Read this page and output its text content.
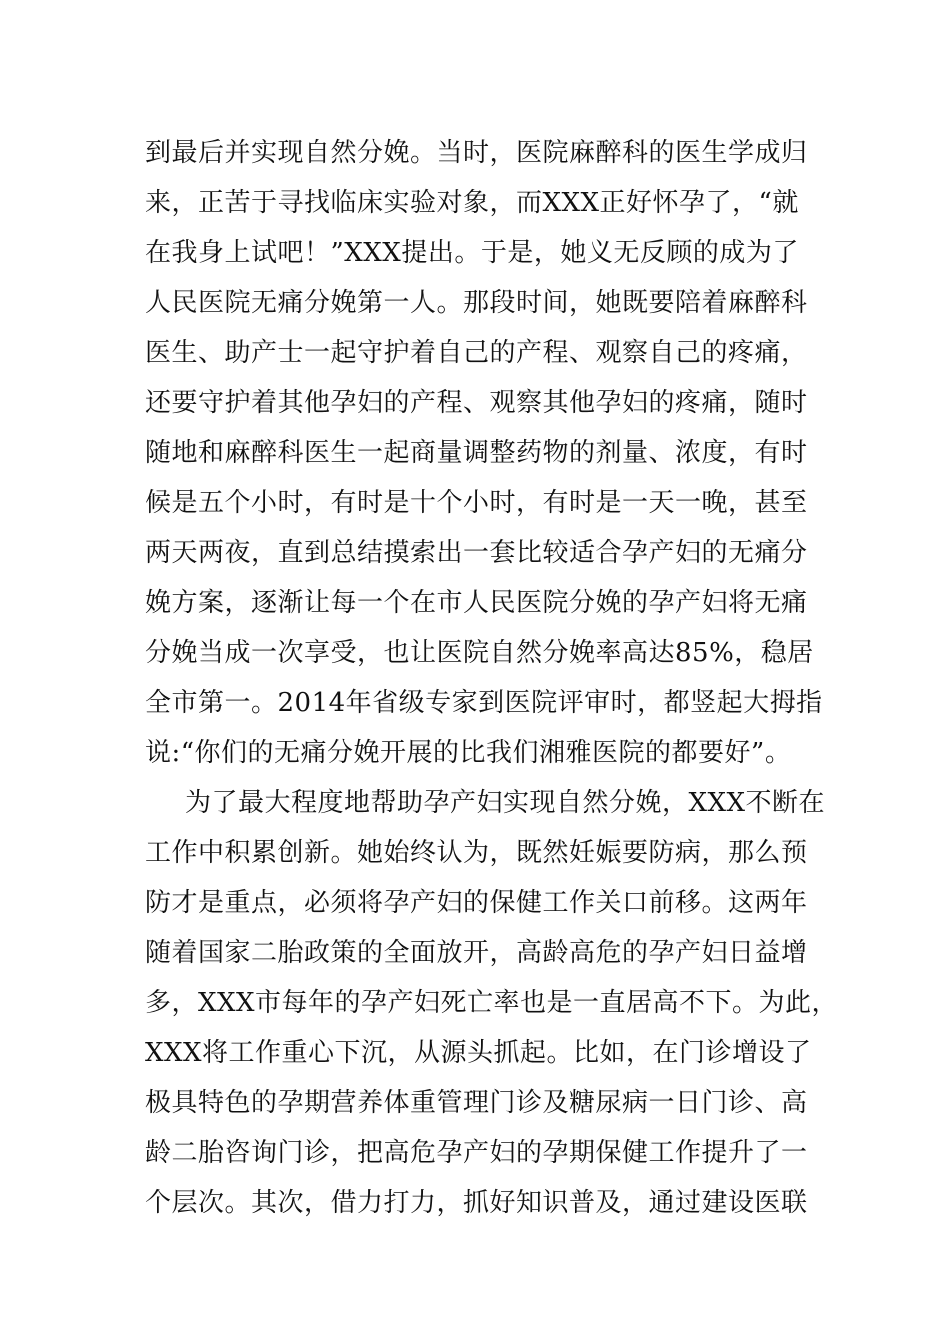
到最后并实现自然分娩。当时，医院麻醉科的医生学成归
来，正苦于寻找临床实验对象，而XXX正好怀孕了，“就
在我身上试吧！”XXX提出。于是，她义无反顾的成为了
人民医院无痛分娩第一人。那段时间，她既要陪着麻醉科
医生、助产士一起守护着自己的产程、观察自己的疼痛，
还要守护着其他孕妇的产程、观察其他孕妇的疼痛，随时
随地和麻醉科医生一起商量调整药物的剂量、浓度，有时
候是五个小时，有时是十个小时，有时是一天一晚，甚至
两天两夜，直到总结摸索出一套比较适合孕产妇的无痛分
娩方案，逐渐让每一个在市人民医院分娩的孕产妇将无痛
分娩当成一次享受，也让医院自然分娩率高达85%，稳居
全市第一。2014年省级专家到医院评审时，都竖起大拇指
说:“你们的无痛分娩开展的比我们湘雅医院的都要好”。
为了最大程度地帮助孕产妇实现自然分娩，XXX不断在
工作中积累创新。她始终认为，既然妊娠要防病，那么预
防才是重点，必须将孕产妇的保健工作关口前移。这两年
随着国家二胎政策的全面放开，高龄高危的孕产妇日益增
多，XXX市每年的孕产妇死亡率也是一直居高不下。为此，
XXX将工作重心下沉，从源头抓起。比如，在门诊增设了
极具特色的孕期营养体重管理门诊及糖尿病一日门诊、高
龄二胎咨询门诊，把高危孕产妇的孕期保健工作提升了一
个层次。其次，借力打力，抓好知识普及，通过建设医联
